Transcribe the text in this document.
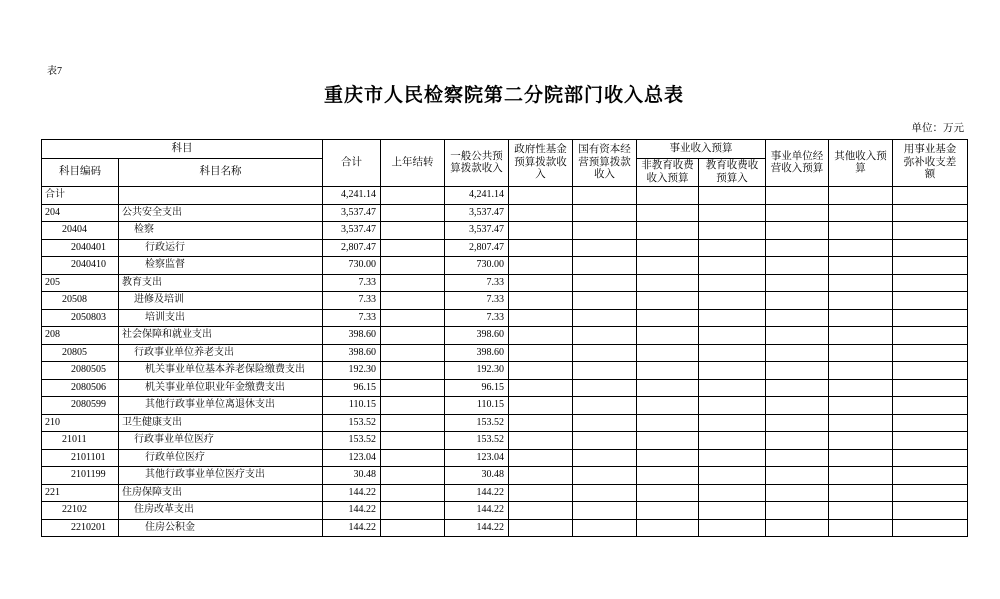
表7
重庆市人民检察院第二分院部门收入总表
单位：万元
科目		合计	上年结转	一般公共预算拨款收入	政府性基金预算拨款收入	国有资本经营预算拨款收入	事业收入预算		事业单位经营收入预算	其他收入预算	用事业基金弥补收支差额
科目编码	科目名称						非教育收费收入预算	教育收费收预算入			
合计		4,241.14		4,241.14							
204	公共安全支出	3,537.47		3,537.47							
20404	检察	3,537.47		3,537.47							
2040401	行政运行	2,807.47		2,807.47							
2040410	检察监督	730.00		730.00							
205	教育支出	7.33		7.33							
20508	进修及培训	7.33		7.33							
2050803	培训支出	7.33		7.33							
208	社会保障和就业支出	398.60		398.60							
20805	行政事业单位养老支出	398.60		398.60							
2080505	机关事业单位基本养老保险缴费支出	192.30		192.30							
2080506	机关事业单位职业年金缴费支出	96.15		96.15							
2080599	其他行政事业单位离退休支出	110.15		110.15							
210	卫生健康支出	153.52		153.52							
21011	行政事业单位医疗	153.52		153.52							
2101101	行政单位医疗	123.04		123.04							
2101199	其他行政事业单位医疗支出	30.48		30.48							
221	住房保障支出	144.22		144.22							
22102	住房改革支出	144.22		144.22							
2210201	住房公积金	144.22		144.22							
